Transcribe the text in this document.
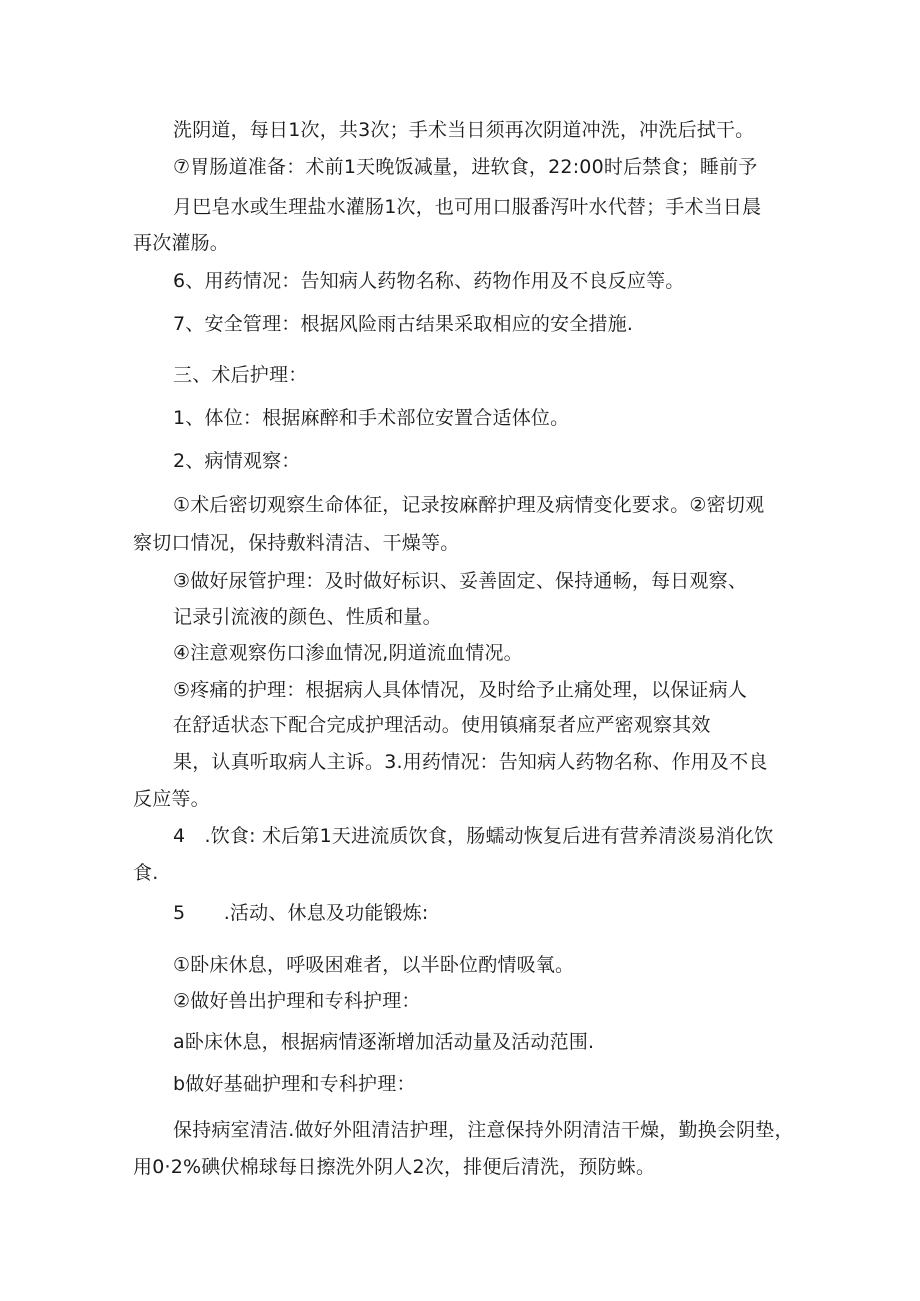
洗阴道，每日1次，共3次；手术当日须再次阴道冲洗，冲洗后拭干。

⑦胃肠道准备：术前1天晚饭减量，进软食，22:00时后禁食；睡前予

月巴皂水或生理盐水灌肠1次，也可用口服番泻叶水代替；手术当日晨

再次灌肠。

6、用药情况：告知病人药物名称、药物作用及不良反应等。

7、安全管理：根据风险雨古结果采取相应的安全措施.

三、术后护理：

1、体位：根据麻醉和手术部位安置合适体位。

2、病情观察：

①术后密切观察生命体征，记录按麻醉护理及病情变化要求。②密切观

察切口情况，保持敷料清洁、干燥等。

③做好尿管护理：及时做好标识、妥善固定、保持通畅，每日观察、

记录引流液的颜色、性质和量。

④注意观察伤口渗血情况,阴道流血情况。

⑤疼痛的护理：根据病人具体情况，及时给予止痛处理，以保证病人

在舒适状态下配合完成护理活动。使用镇痛泵者应严密观察其效

果，认真听取病人主诉。3.用药情况：告知病人药物名称、作用及不良

反应等。

4　.饮食: 术后第1天进流质饮食，肠蠕动恢复后进有营养清淡易消化饮

食.

5　　.活动、休息及功能锻炼:

①卧床休息，呼吸困难者，以半卧位酌情吸氧。

②做好兽出护理和专科护理：

a卧床休息，根据病情逐渐增加活动量及活动范围.

b做好基础护理和专科护理：

保持病室清洁.做好外阻清洁护理，注意保持外阴清洁干燥，勤换会阴垫，

用0·2%碘伏棉球每日擦洗外阴人2次，排便后清洗，预防蛛。
